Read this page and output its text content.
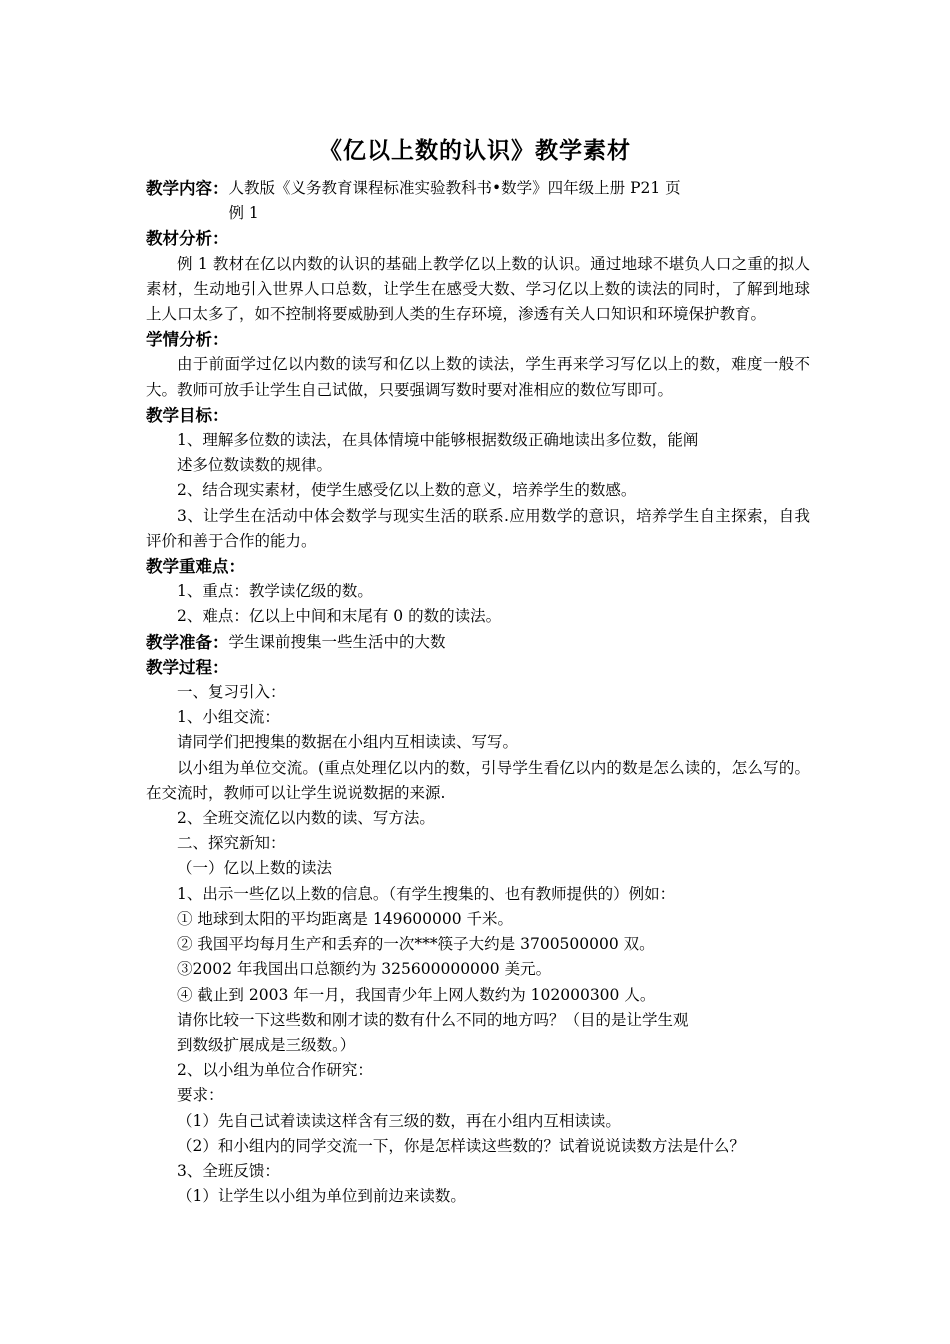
《亿以上数的认识》教学素材
教学内容： 人教版《义务教育课程标准实验教科书•数学》四年级上册 P21 页
例 1
教材分析：
例 1 教材在亿以内数的认识的基础上教学亿以上数的认识。通过地球不堪负人口之重的拟人素材，生动地引入世界人口总数，让学生在感受大数、学习亿以上数的读法的同时，了解到地球上人口太多了，如不控制将要威胁到人类的生存环境，渗透有关人口知识和环境保护教育。
学情分析：
由于前面学过亿以内数的读写和亿以上数的读法，学生再来学习写亿以上的数，难度一般不大。教师可放手让学生自己试做，只要强调写数时要对准相应的数位写即可。
教学目标：
1、理解多位数的读法，在具体情境中能够根据数级正确地读出多位数，能阐
述多位数读数的规律。
2、结合现实素材，使学生感受亿以上数的意义，培养学生的数感。
3、让学生在活动中体会数学与现实生活的联系.应用数学的意识，培养学生自主探索，自我评价和善于合作的能力。
教学重难点：
1、重点：教学读亿级的数。
2、难点：亿以上中间和末尾有 0 的数的读法。
教学准备： 学生课前搜集一些生活中的大数
教学过程：
一、复习引入：
1、小组交流：
请同学们把搜集的数据在小组内互相读读、写写。
以小组为单位交流。(重点处理亿以内的数，引导学生看亿以内的数是怎么读的，怎么写的。在交流时，教师可以让学生说说数据的来源.
2、全班交流亿以内数的读、写方法。
二、探究新知：
（一）亿以上数的读法
1、出示一些亿以上数的信息。（有学生搜集的、也有教师提供的）例如：
① 地球到太阳的平均距离是 149600000 千米。
② 我国平均每月生产和丢弃的一次***筷子大约是 3700500000 双。
③2002 年我国出口总额约为 325600000000 美元。
④ 截止到 2003 年一月，我国青少年上网人数约为 102000300 人。
请你比较一下这些数和刚才读的数有什么不同的地方吗？（目的是让学生观
到数级扩展成是三级数。）
2、以小组为单位合作研究：
要求：
（1）先自己试着读读这样含有三级的数，再在小组内互相读读。
（2）和小组内的同学交流一下，你是怎样读这些数的？试着说说读数方法是什么？
3、全班反馈：
（1）让学生以小组为单位到前边来读数。
